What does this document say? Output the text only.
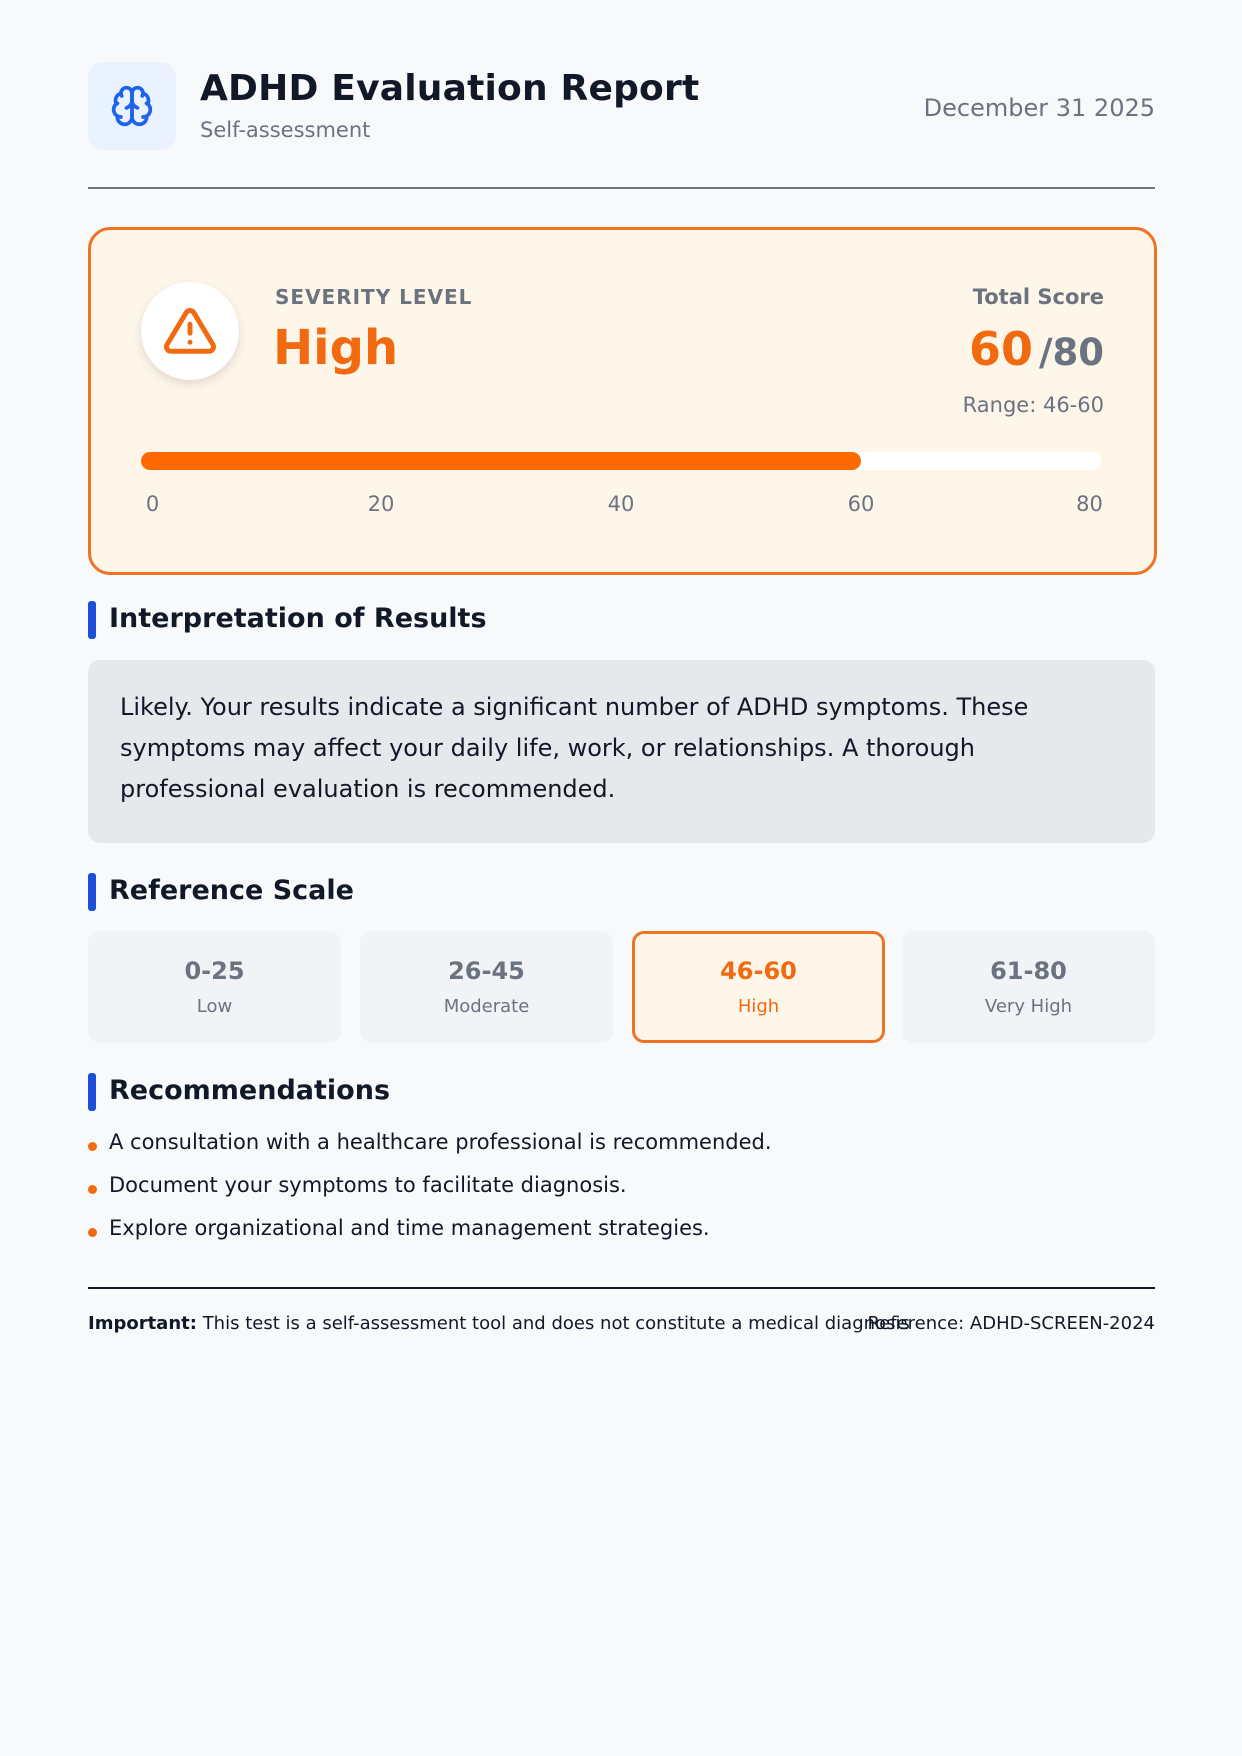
ADHD Evaluation Report
Self-assessment
December 31 2025
SEVERITY LEVEL
High
Total Score
60 /80
Range: 46-60
0	20	40	60	80
Interpretation of Results
Likely. Your results indicate a significant number of ADHD symptoms. These symptoms may affect your daily life, work, or relationships. A thorough professional evaluation is recommended.
Reference Scale
0-25
Low
26-45
Moderate
46-60
High
61-80
Very High
Recommendations
A consultation with a healthcare professional is recommended.
Document your symptoms to facilitate diagnosis.
Explore organizational and time management strategies.
Important: This test is a self-assessment tool and does not constitute a medical diagnosis
Reference: ADHD-SCREEN-2024
